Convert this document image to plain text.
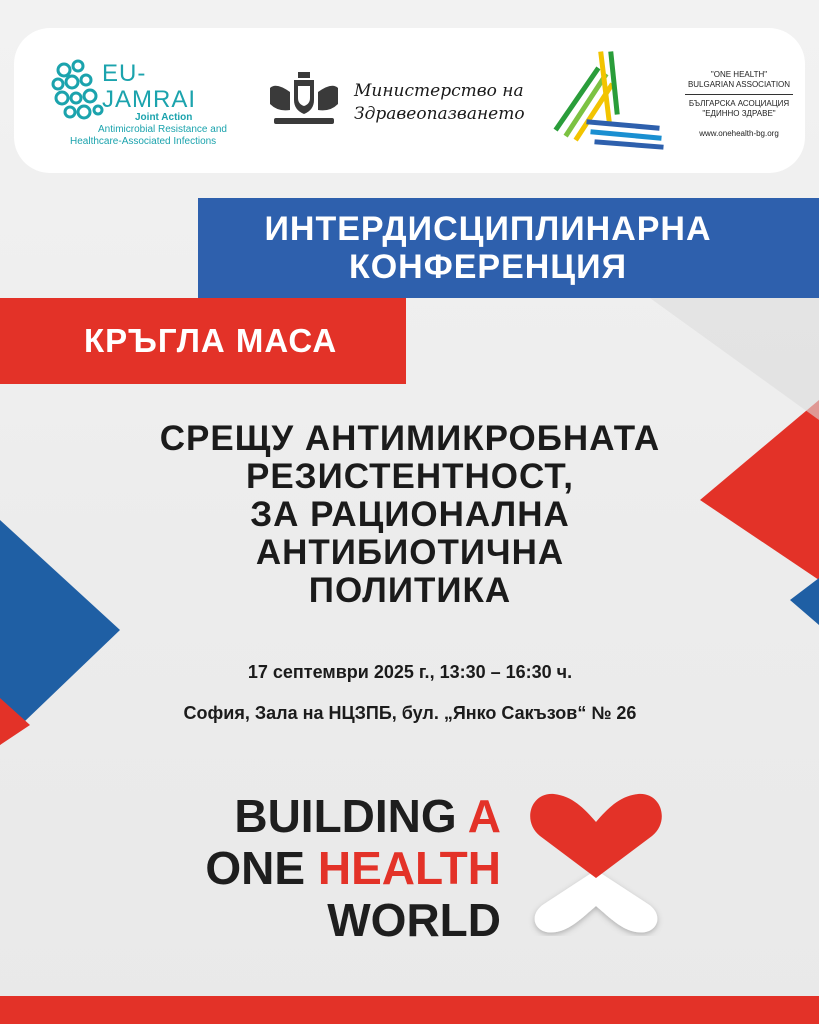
EU-
JAMRAI
Joint Action
Antimicrobial Resistance and
Healthcare-Associated Infections
Министерство на
Здравеопазването
"ONE HEALTH"
BULGARIAN ASSOCIATION
БЪЛГАРСКА АСОЦИАЦИЯ
"ЕДИННО ЗДРАВЕ"
www.onehealth-bg.org
ИНТЕРДИСЦИПЛИНАРНА
КОНФЕРЕНЦИЯ
КРЪГЛА МАСА
СРЕЩУ АНТИМИКРОБНАТА
РЕЗИСТЕНТНОСТ,
ЗА РАЦИОНАЛНА
АНТИБИОТИЧНА
ПОЛИТИКА
17 септември 2025 г., 13:30 – 16:30 ч.
София, Зала на НЦЗПБ, бул. „Янко Сакъзов“ № 26
BUILDING A
ONE HEALTH
WORLD
